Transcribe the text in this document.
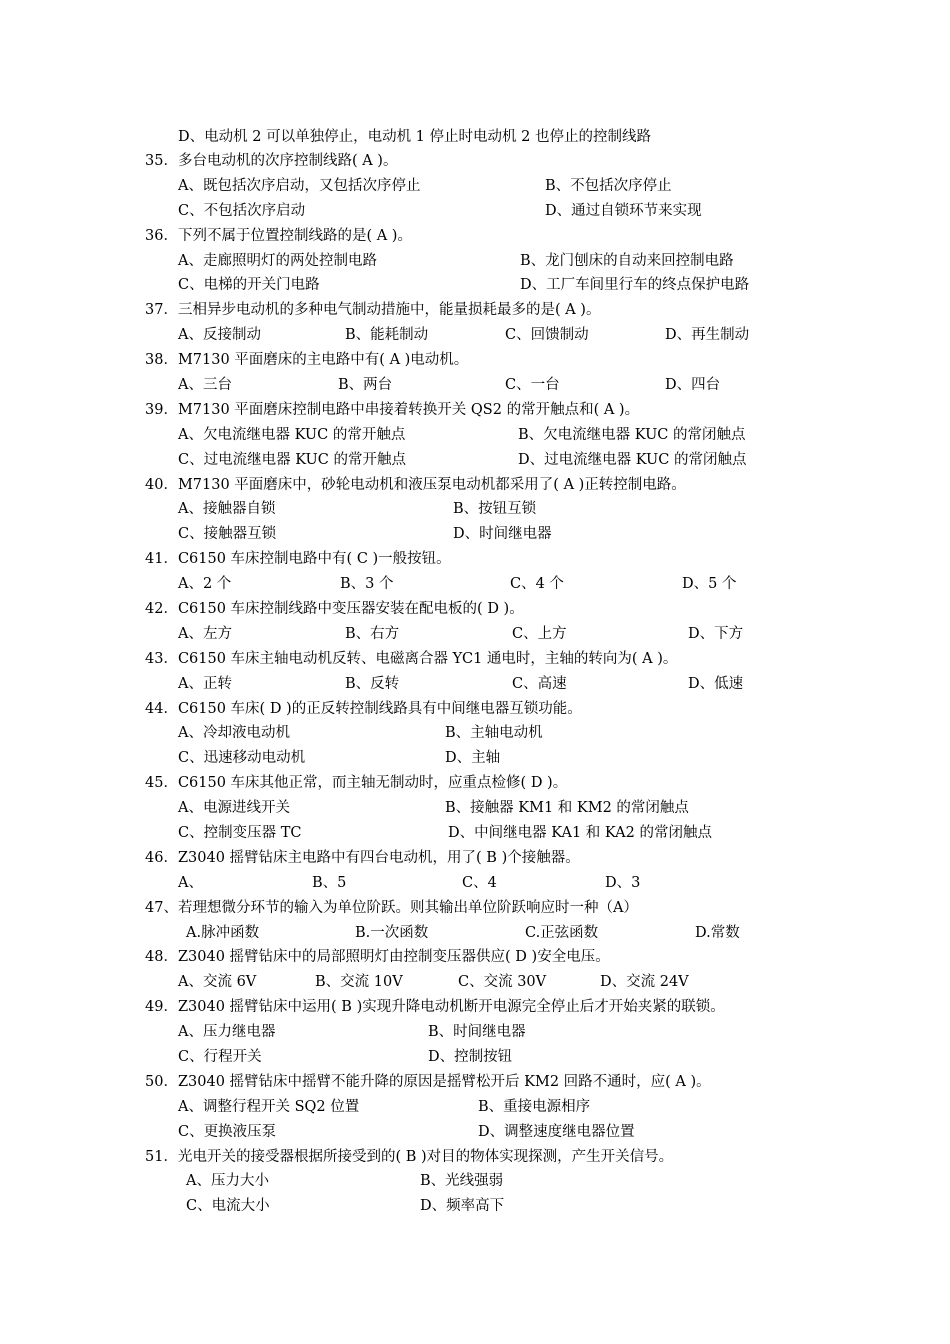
D、电动机 2 可以单独停止，电动机 1 停止时电动机 2 也停止的控制线路
35．多台电动机的次序控制线路( A )。
A、既包括次序启动，又包括次序停止	B、不包括次序停止
C、不包括次序启动	D、通过自锁环节来实现
36．下列不属于位置控制线路的是( A )。
A、走廊照明灯的两处控制电路	B、龙门刨床的自动来回控制电路
C、电梯的开关门电路	D、工厂车间里行车的终点保护电路
37．三相异步电动机的多种电气制动措施中，能量损耗最多的是( A )。
A、反接制动	B、能耗制动	C、回馈制动	D、再生制动
38．M7130 平面磨床的主电路中有( A )电动机。
A、三台	B、两台	C、一台	D、四台
39．M7130 平面磨床控制电路中串接着转换开关 QS2 的常开触点和( A )。
A、欠电流继电器 KUC 的常开触点	B、欠电流继电器 KUC 的常闭触点
C、过电流继电器 KUC 的常开触点	D、过电流继电器 KUC 的常闭触点
40．M7130 平面磨床中，砂轮电动机和液压泵电动机都采用了( A )正转控制电路。
A、接触器自锁	B、按钮互锁
C、接触器互锁	D、时间继电器
41．C6150 车床控制电路中有( C )一般按钮。
A、2 个	B、3 个	C、4 个	D、5 个
42．C6150 车床控制线路中变压器安装在配电板的( D )。
A、左方	B、右方	C、上方	D、下方
43．C6150 车床主轴电动机反转、电磁离合器 YC1 通电时，主轴的转向为( A )。
A、正转	B、反转	C、高速	D、低速
44．C6150 车床( D )的正反转控制线路具有中间继电器互锁功能。
A、冷却液电动机	B、主轴电动机
C、迅速移动电动机	D、主轴
45．C6150 车床其他正常，而主轴无制动时，应重点检修( D )。
A、电源进线开关	B、接触器 KM1 和 KM2 的常闭触点
C、控制变压器 TC	D、中间继电器 KA1 和 KA2 的常闭触点
46．Z3040 摇臂钻床主电路中有四台电动机，用了( B )个接触器。
A、	B、5	C、4	D、3
47、若理想微分环节的输入为单位阶跃。则其输出单位阶跃响应时一种（A）
A.脉冲函数	B.一次函数	C.正弦函数	D.常数
48．Z3040 摇臂钻床中的局部照明灯由控制变压器供应( D )安全电压。
A、交流 6V	B、交流 10V	C、交流 30V	D、交流 24V
49．Z3040 摇臂钻床中运用( B )实现升降电动机断开电源完全停止后才开始夹紧的联锁。
A、压力继电器	B、时间继电器
C、行程开关	D、控制按钮
50．Z3040 摇臂钻床中摇臂不能升降的原因是摇臂松开后 KM2 回路不通时，应( A )。
A、调整行程开关 SQ2 位置	B、重接电源相序
C、更换液压泵	D、调整速度继电器位置
51．光电开关的接受器根据所接受到的( B )对目的物体实现探测，产生开关信号。
A、压力大小	B、光线强弱
C、电流大小	D、频率高下
